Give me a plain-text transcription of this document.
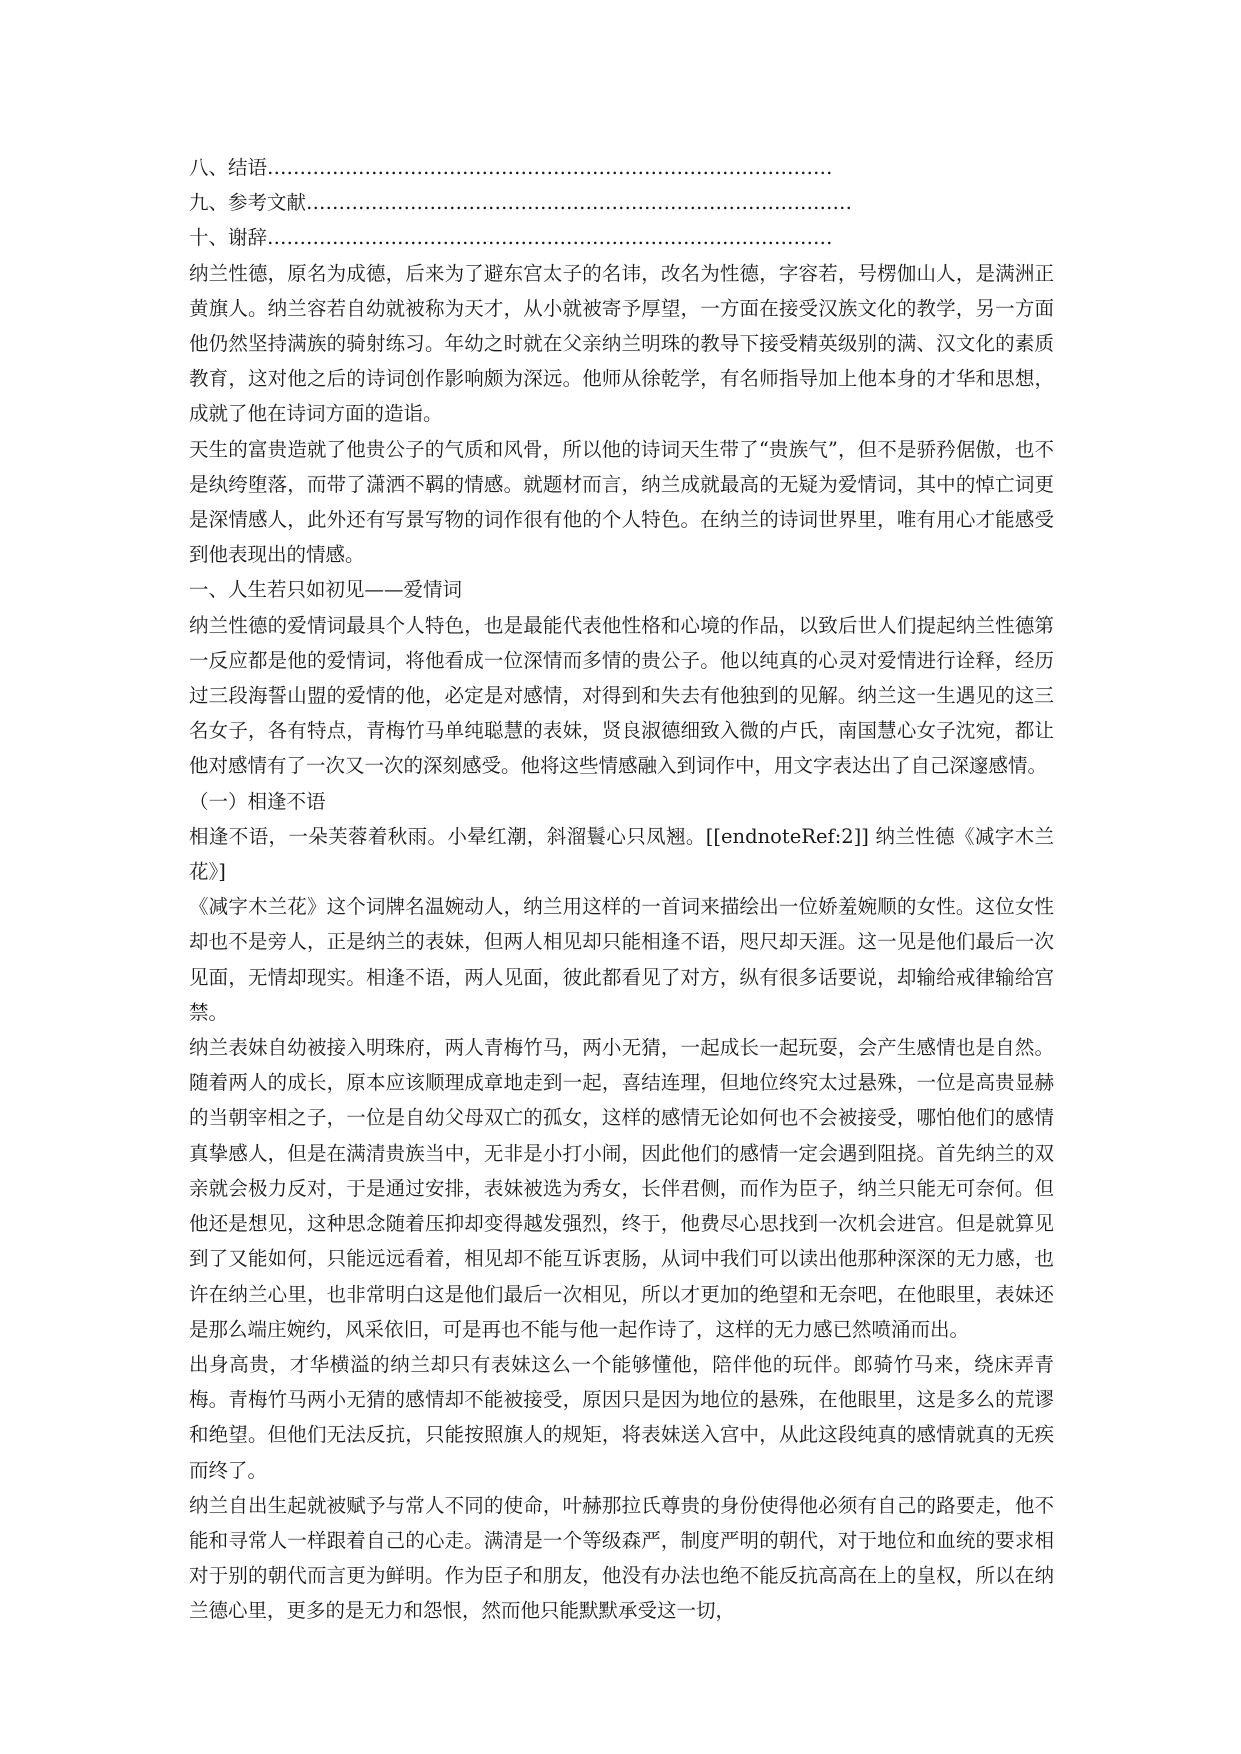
八、结语……………………………………………………………………………

九、参考文献…………………………………………………………………………

十、谢辞……………………………………………………………………………

纳兰性德，原名为成德，后来为了避东宫太子的名讳，改名为性德，字容若，号楞伽山人，是满洲正黄旗人。纳兰容若自幼就被称为天才，从小就被寄予厚望，一方面在接受汉族文化的教学，另一方面他仍然坚持满族的骑射练习。年幼之时就在父亲纳兰明珠的教导下接受精英级别的满、汉文化的素质教育，这对他之后的诗词创作影响颇为深远。他师从徐乾学，有名师指导加上他本身的才华和思想，成就了他在诗词方面的造诣。

天生的富贵造就了他贵公子的气质和风骨，所以他的诗词天生带了“贵族气”，但不是骄矜倨傲，也不是纨绔堕落，而带了潇洒不羁的情感。就题材而言，纳兰成就最高的无疑为爱情词，其中的悼亡词更是深情感人，此外还有写景写物的词作很有他的个人特色。在纳兰的诗词世界里，唯有用心才能感受到他表现出的情感。

一、人生若只如初见——爱情词

纳兰性德的爱情词最具个人特色，也是最能代表他性格和心境的作品，以致后世人们提起纳兰性德第一反应都是他的爱情词，将他看成一位深情而多情的贵公子。他以纯真的心灵对爱情进行诠释，经历过三段海誓山盟的爱情的他，必定是对感情，对得到和失去有他独到的见解。纳兰这一生遇见的这三名女子，各有特点，青梅竹马单纯聪慧的表妹，贤良淑德细致入微的卢氏，南国慧心女子沈宛，都让他对感情有了一次又一次的深刻感受。他将这些情感融入到词作中，用文字表达出了自己深邃感情。

（一）相逢不语

相逢不语，一朵芙蓉着秋雨。小晕红潮，斜溜鬟心只凤翘。[[endnoteRef:2]] 纳兰性德《减字木兰花》]

《减字木兰花》这个词牌名温婉动人，纳兰用这样的一首词来描绘出一位娇羞婉顺的女性。这位女性却也不是旁人，正是纳兰的表妹，但两人相见却只能相逢不语，咫尺却天涯。这一见是他们最后一次见面，无情却现实。相逢不语，两人见面，彼此都看见了对方，纵有很多话要说，却输给戒律输给宫禁。

纳兰表妹自幼被接入明珠府，两人青梅竹马，两小无猜，一起成长一起玩耍，会产生感情也是自然。随着两人的成长，原本应该顺理成章地走到一起，喜结连理，但地位终究太过悬殊，一位是高贵显赫的当朝宰相之子，一位是自幼父母双亡的孤女，这样的感情无论如何也不会被接受，哪怕他们的感情真挚感人，但是在满清贵族当中，无非是小打小闹，因此他们的感情一定会遇到阻挠。首先纳兰的双亲就会极力反对，于是通过安排，表妹被选为秀女，长伴君侧，而作为臣子，纳兰只能无可奈何。但他还是想见，这种思念随着压抑却变得越发强烈，终于，他费尽心思找到一次机会进宫。但是就算见到了又能如何，只能远远看着，相见却不能互诉衷肠，从词中我们可以读出他那种深深的无力感，也许在纳兰心里，也非常明白这是他们最后一次相见，所以才更加的绝望和无奈吧，在他眼里，表妹还是那么端庄婉约，风采依旧，可是再也不能与他一起作诗了，这样的无力感已然喷涌而出。

出身高贵，才华横溢的纳兰却只有表妹这么一个能够懂他，陪伴他的玩伴。郎骑竹马来，绕床弄青梅。青梅竹马两小无猜的感情却不能被接受，原因只是因为地位的悬殊，在他眼里，这是多么的荒谬和绝望。但他们无法反抗，只能按照旗人的规矩，将表妹送入宫中，从此这段纯真的感情就真的无疾而终了。

纳兰自出生起就被赋予与常人不同的使命，叶赫那拉氏尊贵的身份使得他必须有自己的路要走，他不能和寻常人一样跟着自己的心走。满清是一个等级森严，制度严明的朝代，对于地位和血统的要求相对于别的朝代而言更为鲜明。作为臣子和朋友，他没有办法也绝不能反抗高高在上的皇权，所以在纳兰德心里，更多的是无力和怨恨，然而他只能默默承受这一切，
